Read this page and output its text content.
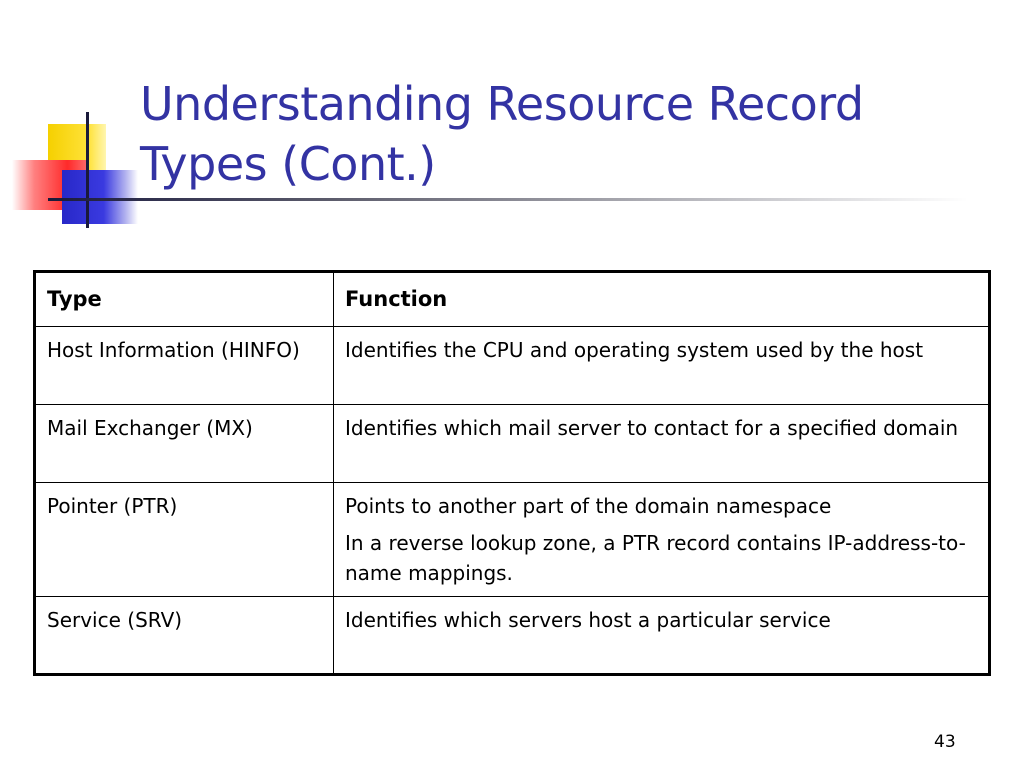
Understanding Resource Record Types (Cont.)
Type	Function
Host Information (HINFO)	Identifies the CPU and operating system used by the host

Mail Exchanger (MX)	Identifies which mail server to contact for a specified domain

Pointer (PTR)	Points to another part of the domain namespace

In a reverse lookup zone, a PTR record contains IP-address-to-name mappings.

Service (SRV)	Identifies which servers host a particular service

43
